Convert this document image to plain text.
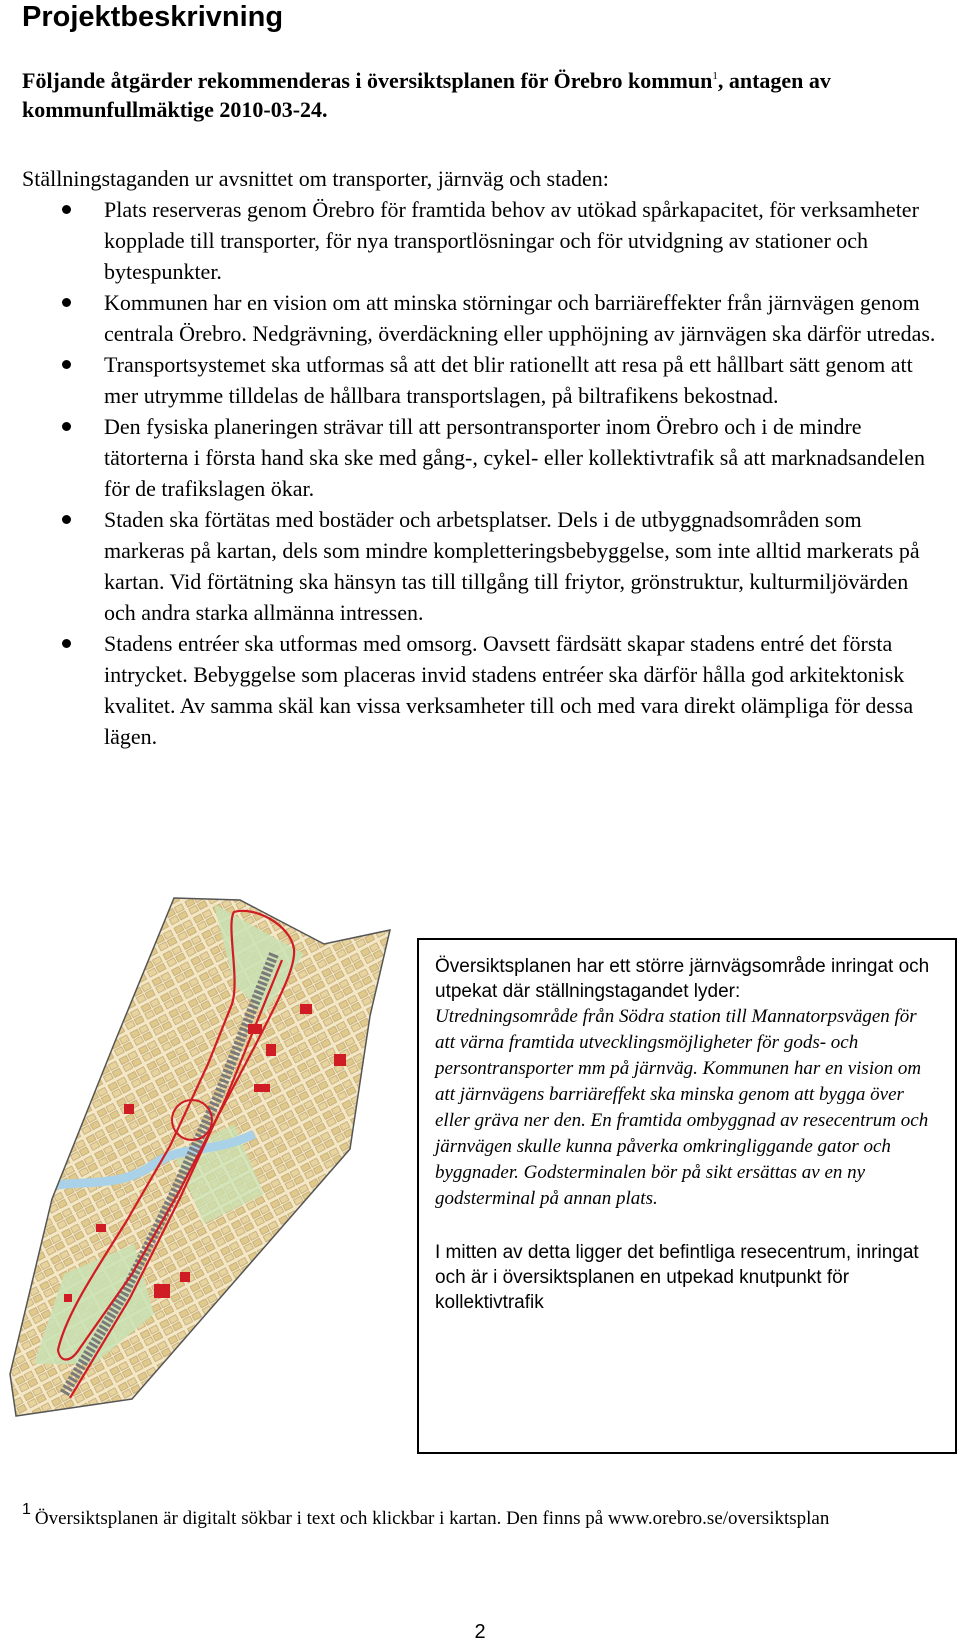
Projektbeskrivning

Följande åtgärder rekommenderas i översiktsplanen för Örebro kommun$^1$, antagen av kommunfullmäktige 2010-03-24.

Ställningstaganden ur avsnittet om transporter, järnväg och staden:

Plats reserveras genom Örebro för framtida behov av utökad spårkapacitet, för verksamheter kopplade till transporter, för nya transportlösningar och för utvidgning av stationer och bytespunkter.
Kommunen har en vision om att minska störningar och barriäreffekter från järnvägen genom centrala Örebro. Nedgrävning, överdäckning eller upphöjning av järnvägen ska därför utredas.
Transportsystemet ska utformas så att det blir rationellt att resa på ett hållbart sätt genom att mer utrymme tilldelas de hållbara transportslagen, på biltrafikens bekostnad.
Den fysiska planeringen strävar till att persontransporter inom Örebro och i de mindre tätorterna i första hand ska ske med gång-, cykel- eller kollektivtrafik så att marknadsandelen för de trafikslagen ökar.
Staden ska förtätas med bostäder och arbetsplatser. Dels i de utbyggnadsområden som markeras på kartan, dels som mindre kompletteringsbebyggelse, som inte alltid markerats på kartan. Vid förtätning ska hänsyn tas till tillgång till friytor, grönstruktur, kulturmiljövärden och andra starka allmänna intressen.
Stadens entréer ska utformas med omsorg. Oavsett färdsätt skapar stadens entré det första intrycket. Bebyggelse som placeras invid stadens entréer ska därför hålla god arkitektonisk kvalitet. Av samma skäl kan vissa verksamheter till och med vara direkt olämpliga för dessa lägen.

Översiktsplanen har ett större järnvägsområde inringat och utpekat där ställningstagandet lyder:

Utredningsområde från Södra station till Mannatorpsvägen för att värna framtida utvecklingsmöjligheter för gods- och persontransporter mm på järnväg. Kommunen har en vision om att järnvägens barriäreffekt ska minska genom att bygga över eller gräva ner den. En framtida ombyggnad av resecentrum och järnvägen skulle kunna påverka omkringliggande gator och byggnader. Godsterminalen bör på sikt ersättas av en ny godsterminal på annan plats.

I mitten av detta ligger det befintliga resecentrum, inringat och är i översiktsplanen en utpekad knutpunkt för kollektivtrafik

$^1$ Översiktsplanen är digitalt sökbar i text och klickbar i kartan. Den finns på www.orebro.se/oversiktsplan
2
